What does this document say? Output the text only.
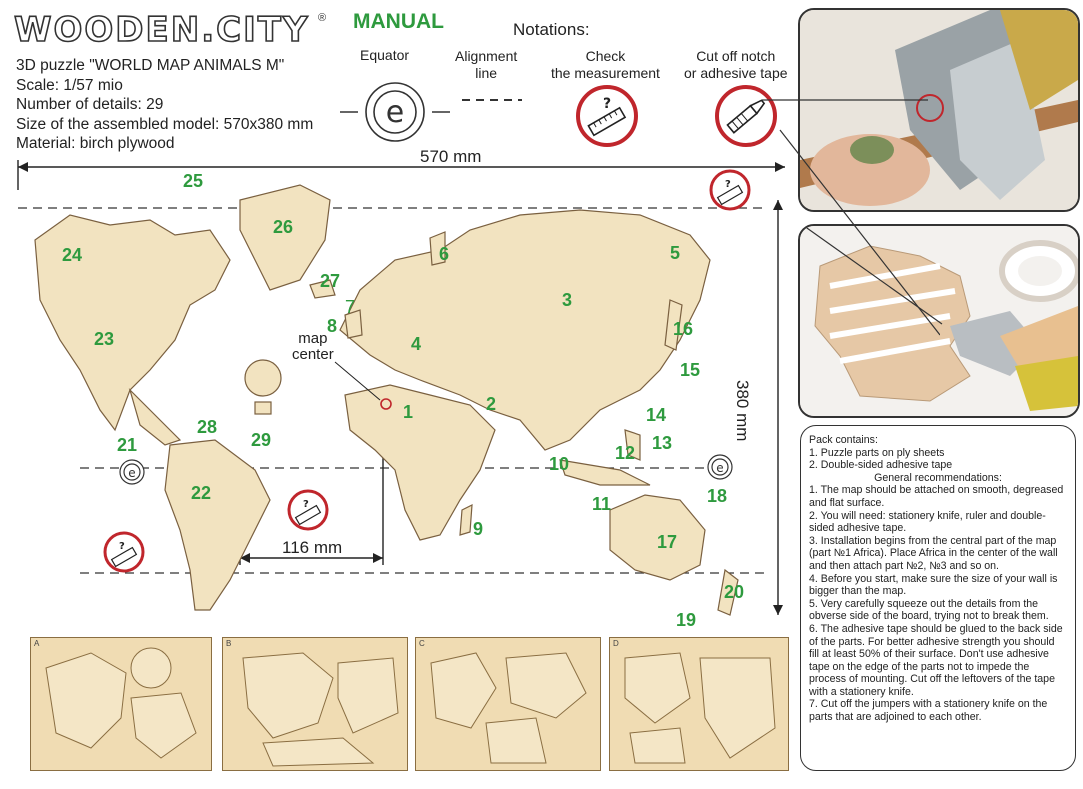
WOODEN.CITY ®
3D puzzle "WORLD MAP ANIMALS M"
Scale: 1/57 mio
Number of details: 29
Size of the assembled model: 570x380 mm
Material: birch plywood
MANUAL	Notations:
Equator	Alignment
line
Check
the measurement
Cut off notch
or adhesive tape
e	?
e	e
?
?
?
570 mm
380 mm
116 mm
map
center
1	2
3
4
5
6
7
8
9
10
11
12 13
14
15
16
17
18
19
20
21
22
23
24
25
26
27
28
29
A	B	C	D
Pack contains:
1. Puzzle parts on ply sheets
2. Double-sided adhesive tape
General recommendations:
1. The map should be attached on smooth, degreased and flat surface.
2. You will need: stationery knife, ruler and double-sided adhesive tape.
3. Installation begins from the central part of the map (part №1 Africa). Place Africa in the center of the wall and then attach part №2, №3 and so on.
4. Before you start, make sure the size of your wall is bigger than the map.
5. Very carefully squeeze out the details from the obverse side of the board, trying not to break them.
6. The adhesive tape should be glued to the back side of the parts. For better adhesive strength you should fill at least 50% of their surface. Don't use adhesive tape on the edge of the parts not to impede the process of mounting. Cut off the leftovers of the tape with a stationery knife.
7. Cut off the jumpers with a stationery knife on the parts that are adjoined to each other.
